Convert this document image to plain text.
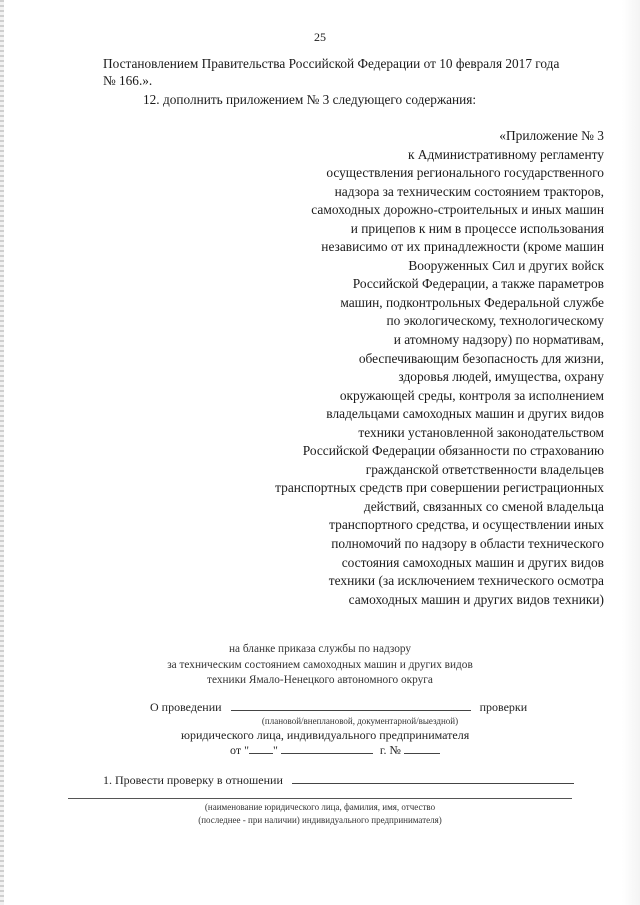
25
Постановлением Правительства Российской Федерации от 10 февраля 2017 года
№ 166.».
12. дополнить приложением № 3 следующего содержания:
«Приложение № 3
к Административному регламенту
осуществления регионального государственного
надзора за техническим состоянием тракторов,
самоходных дорожно-строительных и иных машин
и прицепов к ним в процессе использования
независимо от их принадлежности (кроме машин
Вооруженных Сил и других войск
Российской Федерации, а также параметров
машин, подконтрольных Федеральной службе
по экологическому, технологическому
и атомному надзору) по нормативам,
обеспечивающим безопасность для жизни,
здоровья людей, имущества, охрану
окружающей среды, контроля за исполнением
владельцами самоходных машин и других видов
техники установленной законодательством
Российской Федерации обязанности по страхованию
гражданской ответственности владельцев
транспортных средств при совершении регистрационных
действий, связанных со сменой владельца
транспортного средства, и осуществлении иных
полномочий по надзору в области технического
состояния самоходных машин и других видов
техники (за исключением технического осмотра
самоходных машин и других видов техники)
на бланке приказа службы по надзору
за техническим состоянием самоходных машин и других видов
техники Ямало-Ненецкого автономного округа
О проведении	проверки
(плановой/внеплановой, документарной/выездной)
юридического лица, индивидуального предпринимателя
от " "	г. №
1. Провести проверку в отношении
(наименование юридического лица, фамилия, имя, отчество
(последнее - при наличии) индивидуального предпринимателя)
